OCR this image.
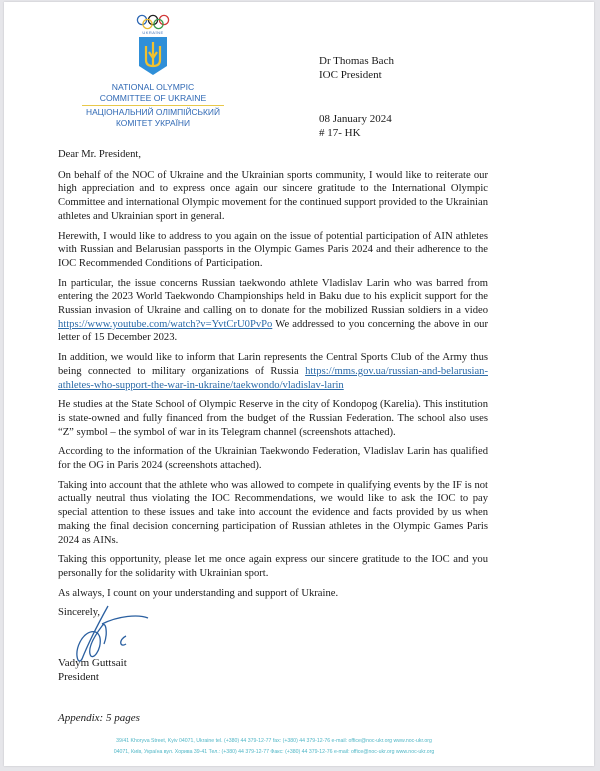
UKRAЇNE
NATIONAL OLYMPIC
COMMITTEE OF UKRAINE
НАЦІОНАЛЬНИЙ ОЛІМПІЙСЬКИЙ
КОМІТЕТ УКРАЇНИ
Dr Thomas Bach
IOC President
08 January 2024
# 17- HK

Dear Mr. President,

On behalf of the NOC of Ukraine and the Ukrainian sports community, I would like to reiterate our high appreciation and to express once again our sincere gratitude to the International Olympic Committee and international Olympic movement for the continued support provided to the Ukrainian athletes and Ukrainian sport in general.

Herewith, I would like to address to you again on the issue of potential participation of AIN athletes with Russian and Belarusian passports in the Olympic Games Paris 2024 and their adherence to the IOC Recommended Conditions of Participation.

In particular, the issue concerns Russian taekwondo athlete Vladislav Larin who was barred from entering the 2023 World Taekwondo Championships held in Baku due to his explicit support for the Russian invasion of Ukraine and calling on to donate for the mobilized Russian soldiers in a video https://www.youtube.com/watch?v=YvtCrU0PvPo We addressed to you concerning the above in our letter of 15 December 2023.

In addition, we would like to inform that Larin represents the Central Sports Club of the Army thus being connected to military organizations of Russia https://mms.gov.ua/russian-and-belarusian-athletes-who-support-the-war-in-ukraine/taekwondo/vladislav-larin

He studies at the State School of Olympic Reserve in the city of Kondopog (Karelia). This institution is state-owned and fully financed from the budget of the Russian Federation. The school also uses “Z” symbol – the symbol of war in its Telegram channel (screenshots attached).

According to the information of the Ukrainian Taekwondo Federation, Vladislav Larin has qualified for the OG in Paris 2024 (screenshots attached).

Taking into account that the athlete who was allowed to compete in qualifying events by the IF is not actually neutral thus violating the IOC Recommendations, we would like to ask the IOC to pay special attention to these issues and take into account the evidence and facts provided by us when making the final decision concerning participation of Russian athletes in the Olympic Games Paris 2024 as AINs.

Taking this opportunity, please let me once again express our sincere gratitude to the IOC and you personally for the solidarity with Ukrainian sport.

As always, I count on your understanding and support of Ukraine.

Sincerely,
Vadym Guttsait
President
Appendix: 5 pages
39/41 Khoryva Street, Kyiv 04071, Ukraine tel. (+380) 44 379-12-77 fax: (+380) 44 379-12-76 e-mail: office@noc-ukr.org www.noc-ukr.org
04071, Київ, Україна вул. Хорива 39-41 Тел.: (+380) 44 379-12-77 Факс: (+380) 44 379-12-76 e-mail: office@noc-ukr.org www.noc-ukr.org
